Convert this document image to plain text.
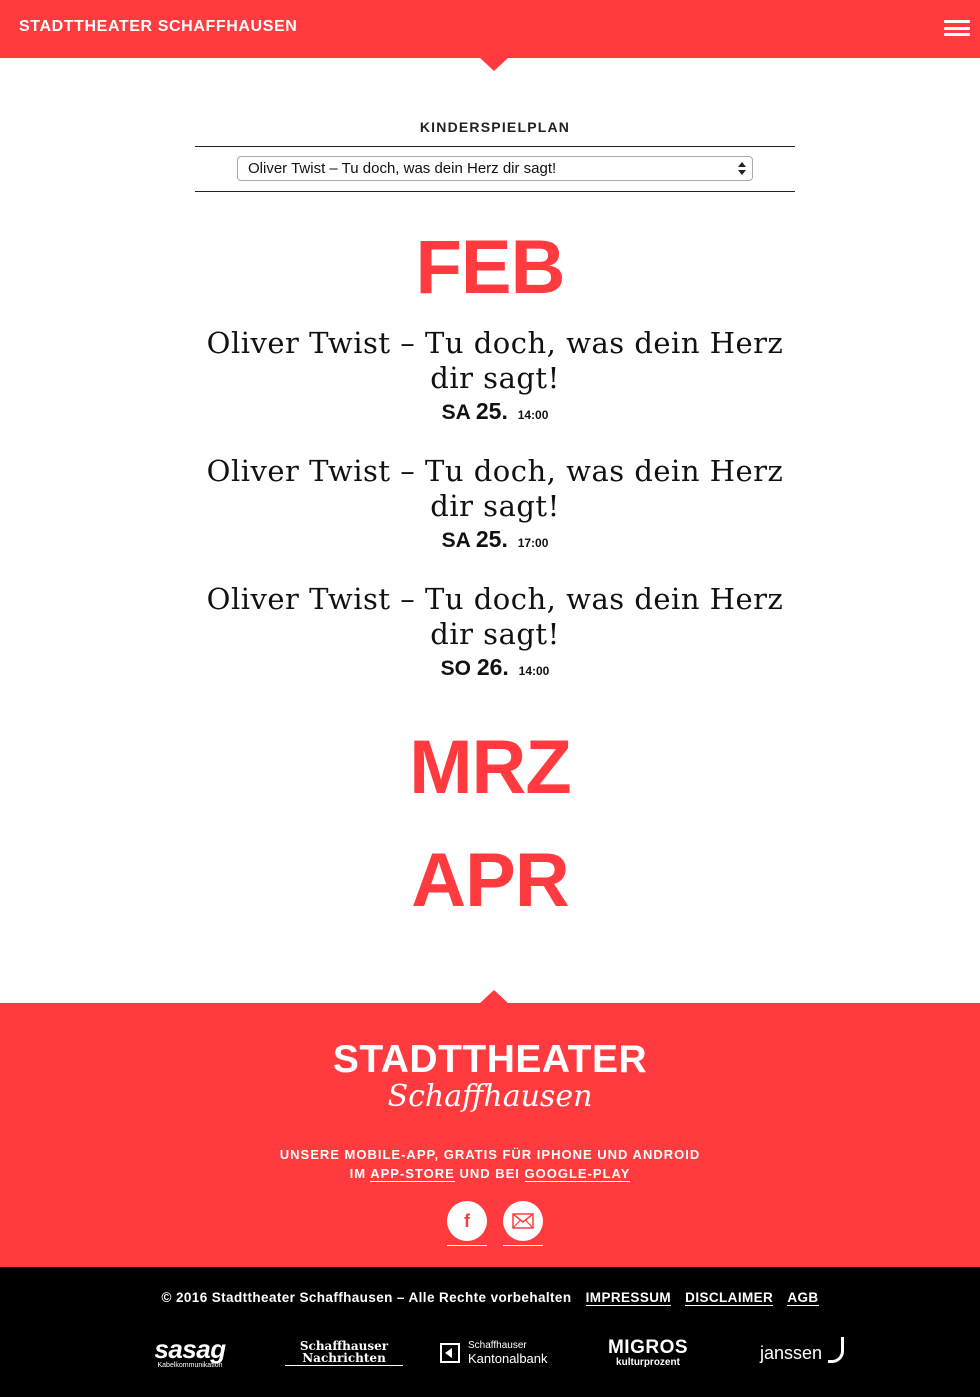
STADTTHEATER SCHAFFHAUSEN
KINDERSPIELPLAN
Oliver Twist – Tu doch, was dein Herz dir sagt!
FEB
Oliver Twist – Tu doch, was dein Herz dir sagt!
SA 25. 14:00
Oliver Twist – Tu doch, was dein Herz dir sagt!
SA 25. 17:00
Oliver Twist – Tu doch, was dein Herz dir sagt!
SO 26. 14:00
MRZ
APR
STADTTHEATER
Schaffhausen
UNSERE MOBILE-APP, GRATIS FÜR IPHONE UND ANDROID
IM APP-STORE UND BEI GOOGLE-PLAY
f
© 2016 Stadttheater Schaffhausen – Alle Rechte vorbehalten IMPRESSUM DISCLAIMER AGB
sasag
Kabelkommunikation
Schaffhauser Nachrichten
Schaffhauser
Kantonalbank
MIGROS
kulturprozent	janssen
